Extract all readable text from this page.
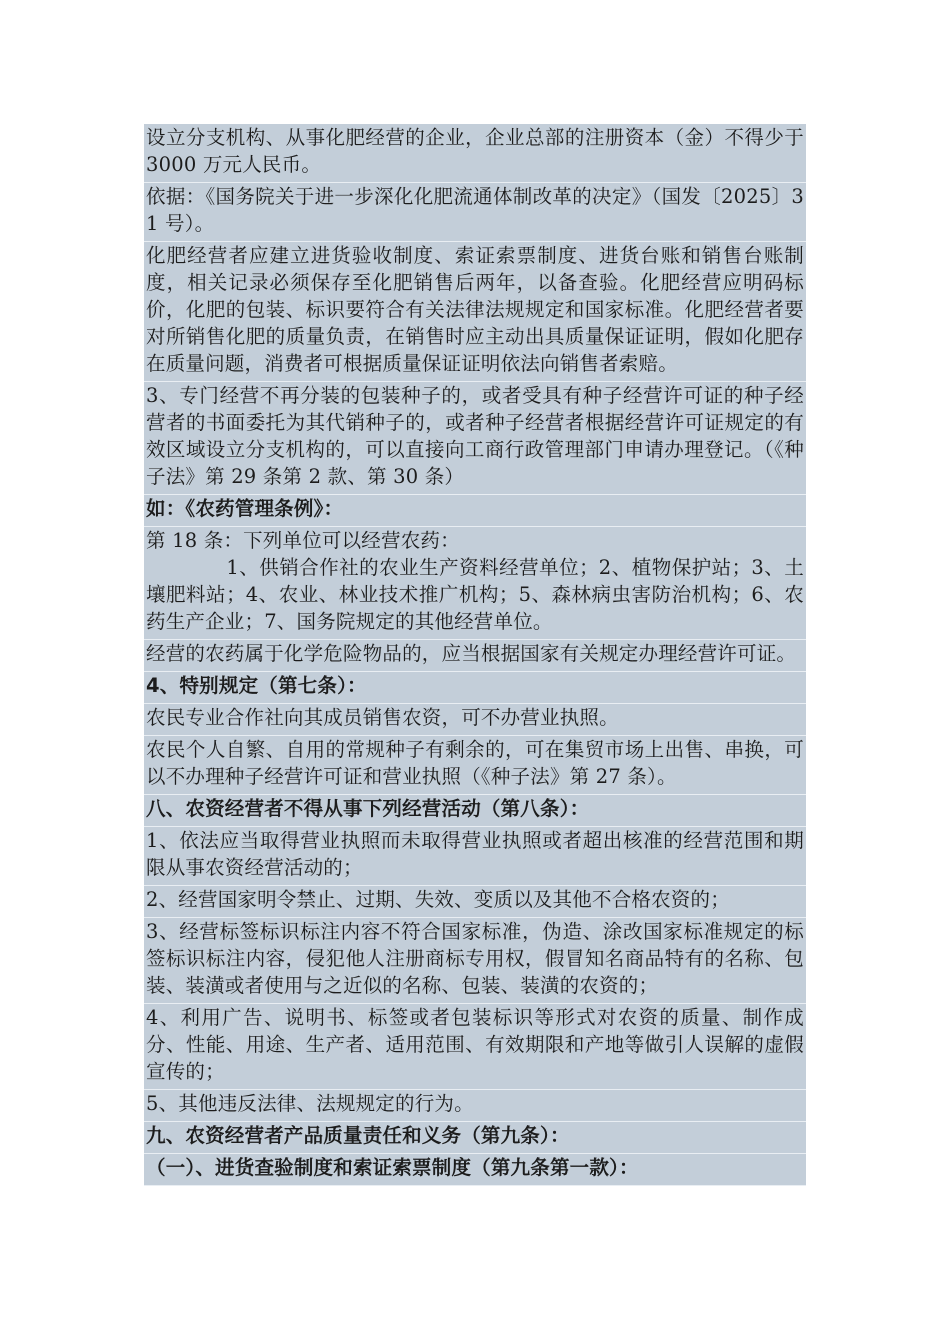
设立分支机构、从事化肥经营的企业，企业总部的注册资本（金）不得少于 3000 万元人民币。
依据：《国务院关于进一步深化化肥流通体制改革的决定》（国发〔2025〕31 号）。
化肥经营者应建立进货验收制度、索证索票制度、进货台账和销售台账制度，相关记录必须保存至化肥销售后两年，以备查验。化肥经营应明码标价，化肥的包装、标识要符合有关法律法规规定和国家标准。化肥经营者要对所销售化肥的质量负责，在销售时应主动出具质量保证证明，假如化肥存在质量问题，消费者可根据质量保证证明依法向销售者索赔。
3、专门经营不再分装的包装种子的，或者受具有种子经营许可证的种子经营者的书面委托为其代销种子的，或者种子经营者根据经营许可证规定的有效区域设立分支机构的，可以直接向工商行政管理部门申请办理登记。（《种子法》第 29 条第 2 款、第 30 条）
如：《农药管理条例》：
第 18 条：下列单位可以经营农药：
1、供销合作社的农业生产资料经营单位；2、植物保护站；3、土壤肥料站；4、农业、林业技术推广机构；5、森林病虫害防治机构；6、农药生产企业；7、国务院规定的其他经营单位。
经营的农药属于化学危险物品的，应当根据国家有关规定办理经营许可证。
4、特别规定（第七条）：
农民专业合作社向其成员销售农资，可不办营业执照。
农民个人自繁、自用的常规种子有剩余的，可在集贸市场上出售、串换，可以不办理种子经营许可证和营业执照（《种子法》第 27 条）。
八、农资经营者不得从事下列经营活动（第八条）：
1、依法应当取得营业执照而未取得营业执照或者超出核准的经营范围和期限从事农资经营活动的；
2、经营国家明令禁止、过期、失效、变质以及其他不合格农资的；
3、经营标签标识标注内容不符合国家标准，伪造、涂改国家标准规定的标签标识标注内容，侵犯他人注册商标专用权，假冒知名商品特有的名称、包装、装潢或者使用与之近似的名称、包装、装潢的农资的；
4、利用广告、说明书、标签或者包装标识等形式对农资的质量、制作成分、性能、用途、生产者、适用范围、有效期限和产地等做引人误解的虚假宣传的；
5、其他违反法律、法规规定的行为。
九、农资经营者产品质量责任和义务（第九条）：
（一）、进货查验制度和索证索票制度（第九条第一款）：
